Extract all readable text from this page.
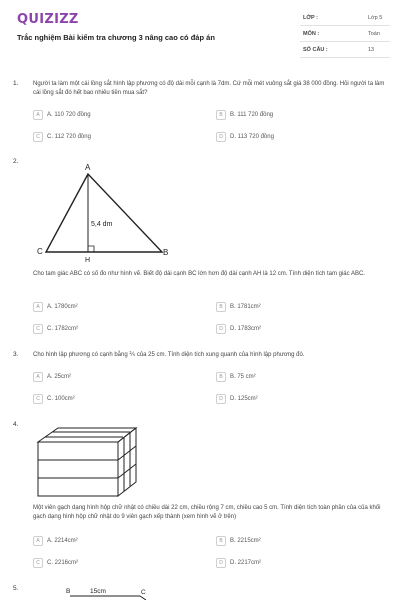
QUIZIZZ
Trắc nghiệm Bài kiểm tra chương 3 nâng cao có đáp án
LỚP :	Lớp 5
MÔN :	Toán
SỐ CÂU :	13
1. Người ta làm một cái lồng sắt hình lập phương có độ dài mỗi cạnh là 7dm. Cứ mỗi mét vuông sắt giá 38 000 đồng. Hỏi người ta làm cái lồng sắt đó hết bao nhiêu tiền mua sắt?
A	A. 110 720 đồng	B	B. 111 720 đồng
C	C. 112 720 đồng	D	D. 113 720 đồng
2.
A
C	B
H
5,4 dm
Cho tam giác ABC có số đo như hình vẽ. Biết độ dài cạnh BC lớn hơn độ dài cạnh AH là 12 cm. Tính diện tích tam giác ABC.
A	A. 1780cm²	B	B. 1781cm²
C	C. 1782cm²	D	D. 1783cm²
3. Cho hình lập phương có cạnh bằng ⅖ của 25 cm. Tính diện tích xung quanh của hình lập phương đó.
A	A. 25cm²	B	B. 75 cm²
C	C. 100cm²	D	D. 125cm²
4.
Một viên gạch dạng hình hộp chữ nhật có chiều dài 22 cm, chiều rộng 7 cm, chiều cao 5 cm. Tính diện tích toàn phần của của khối gạch dạng hình hộp chữ nhật do 9 viên gạch xếp thành (xem hình vẽ ở trên)
A	A. 2214cm²	B	B. 2215cm²
C	C. 2216cm²	D	D. 2217cm²
5.	B	15cm	C
